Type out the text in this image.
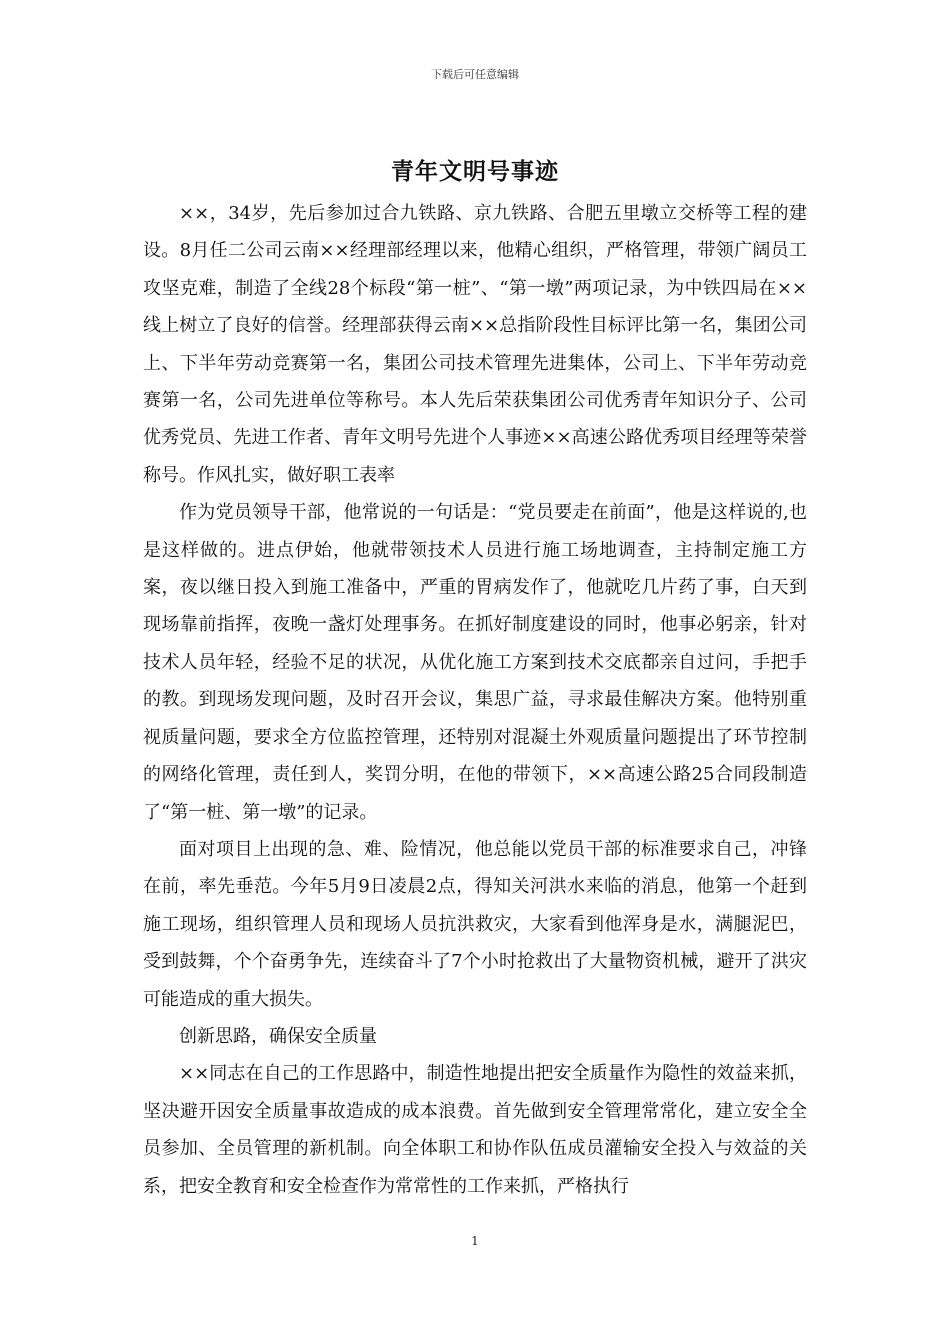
下载后可任意编辑
青年文明号事迹

××，34岁，先后参加过合九铁路、京九铁路、合肥五里墩立交桥等工程的建设。8月任二公司云南××经理部经理以来，他精心组织，严格管理，带领广阔员工攻坚克难，制造了全线28个标段“第一桩”、“第一墩”两项记录，为中铁四局在××线上树立了良好的信誉。经理部获得云南××总指阶段性目标评比第一名，集团公司上、下半年劳动竞赛第一名，集团公司技术管理先进集体，公司上、下半年劳动竞赛第一名，公司先进单位等称号。本人先后荣获集团公司优秀青年知识分子、公司优秀党员、先进工作者、青年文明号先进个人事迹××高速公路优秀项目经理等荣誉称号。作风扎实，做好职工表率

作为党员领导干部，他常说的一句话是：“党员要走在前面”，他是这样说的,也是这样做的。进点伊始，他就带领技术人员进行施工场地调查，主持制定施工方案，夜以继日投入到施工准备中，严重的胃病发作了，他就吃几片药了事，白天到现场靠前指挥，夜晚一盏灯处理事务。在抓好制度建设的同时，他事必躬亲，针对技术人员年轻，经验不足的状况，从优化施工方案到技术交底都亲自过问，手把手的教。到现场发现问题，及时召开会议，集思广益，寻求最佳解决方案。他特别重视质量问题，要求全方位监控管理，还特别对混凝土外观质量问题提出了环节控制的网络化管理，责任到人，奖罚分明，在他的带领下，××高速公路25合同段制造了“第一桩、第一墩”的记录。

面对项目上出现的急、难、险情况，他总能以党员干部的标准要求自己，冲锋在前，率先垂范。今年5月9日凌晨2点，得知关河洪水来临的消息，他第一个赶到施工现场，组织管理人员和现场人员抗洪救灾，大家看到他浑身是水，满腿泥巴，受到鼓舞，个个奋勇争先，连续奋斗了7个小时抢救出了大量物资机械，避开了洪灾可能造成的重大损失。

创新思路，确保安全质量

××同志在自己的工作思路中，制造性地提出把安全质量作为隐性的效益来抓，坚决避开因安全质量事故造成的成本浪费。首先做到安全管理常常化，建立安全全员参加、全员管理的新机制。向全体职工和协作队伍成员灌输安全投入与效益的关系，把安全教育和安全检查作为常常性的工作来抓，严格执行

1
